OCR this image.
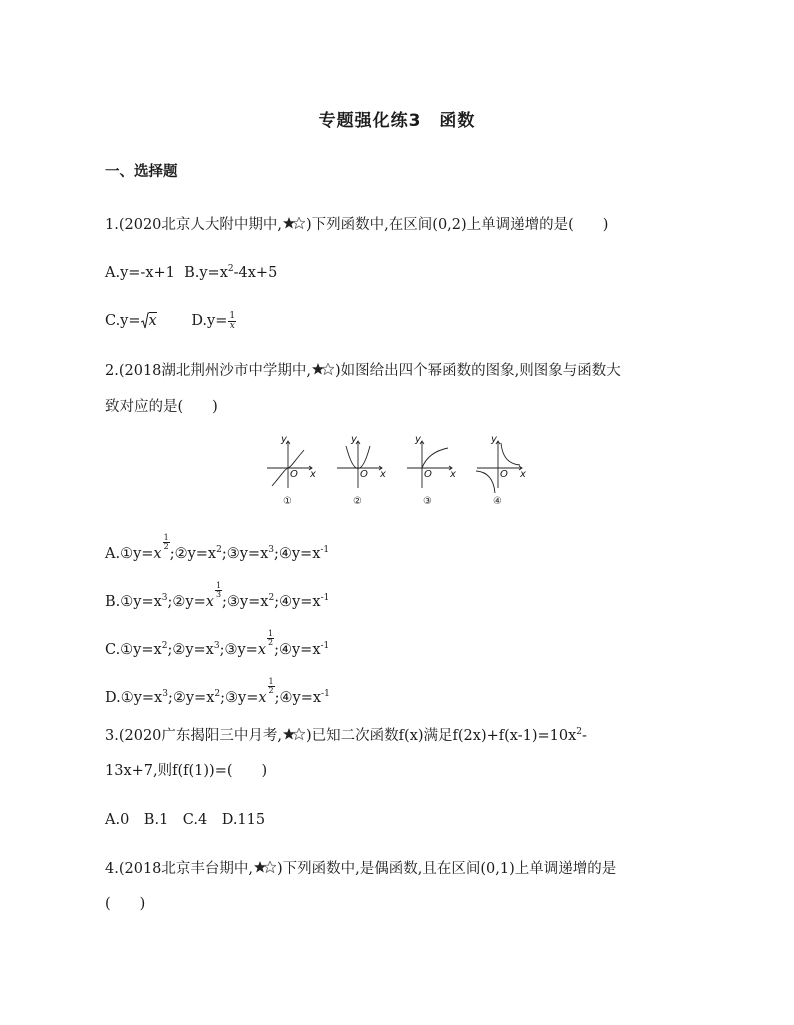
专题强化练3　函数
一、选择题
1.(2020北京人大附中期中, )下列函数中,在区间(0,2)上单调递增的是(　　)
A.y=-x+1 $B.y=x^2-4x+5$
C.y= x $D.y= \frac{1}{x}$
2.(2018湖北荆州沙市中学期中, )如图给出四个幂函数的图象,则图象与函数大
致对应的是(　　)
y
x
O
y
x
O
y
x
O
y
x
O
①	②	③	④
A.①y=x
$\frac{1}{2}$
$;②y=x^2;③y=x^3;④y=x^{-1}$
$B.①y=x^3;②y=x$
$\frac{1}{3}$
$;③y=x^2;④y=x^{-1}$
$C.①y=x^2;②y=x^3;③y=x$
$\frac{1}{2}$
$;④y=x^{-1}$
$D.①y=x^3;②y=x^2;③y=x$
$\frac{1}{2}$
$;④y=x^{-1}$
3.(2020广东揭阳三中月考, )已知二次函数f(x)满足$f(2x)+f(x-1)=10x^2-$
13x+7,则f(f(1))=(　　)
A.0　B.1　C.4　D.115
4.(2018北京丰台期中, )下列函数中,是偶函数,且在区间(0,1)上单调递增的是
(　　)
